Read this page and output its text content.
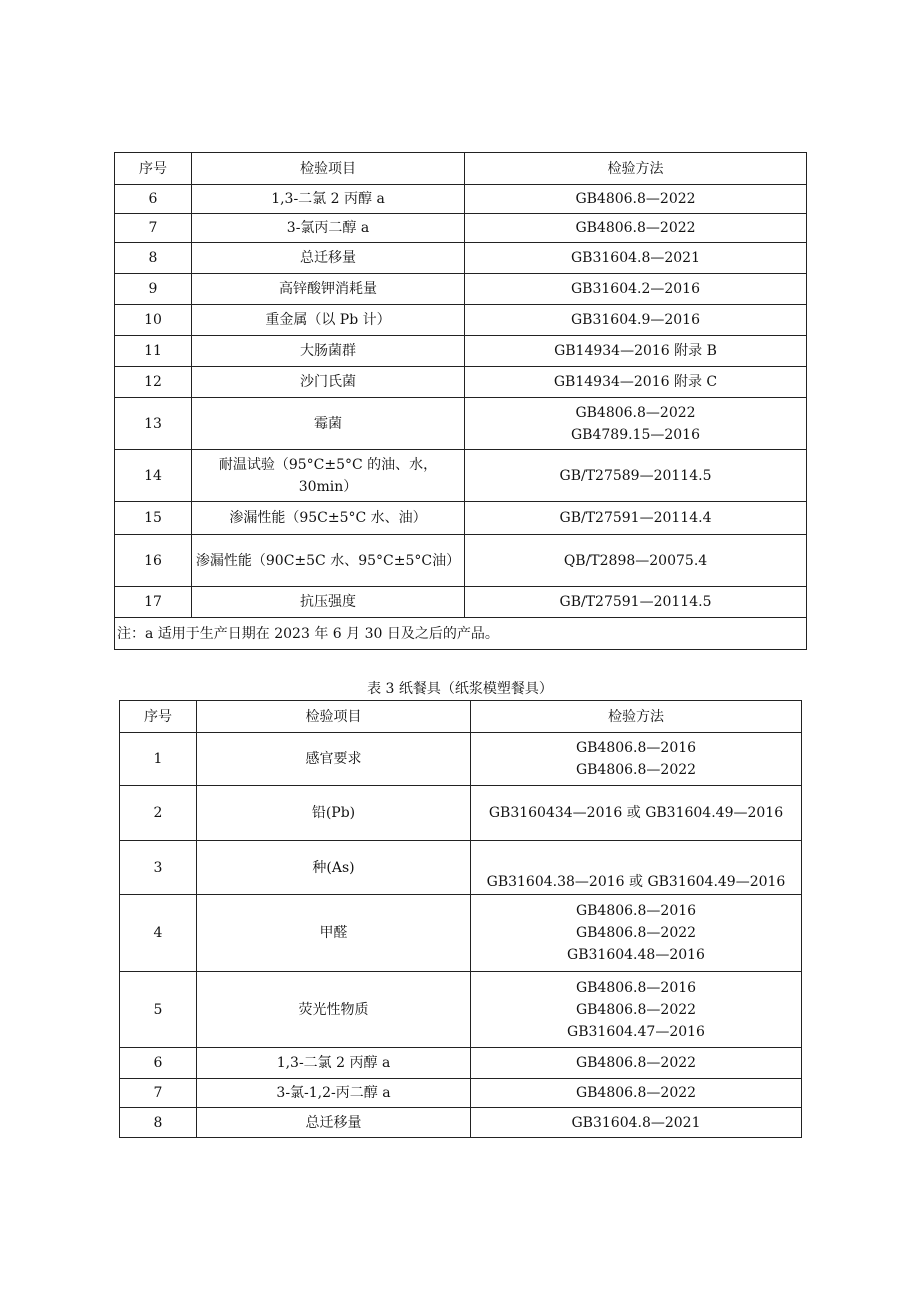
序号	检验项目	检验方法
6	1,3-二氯 2 丙醇 a	GB4806.8—2022
7	3-氯丙二醇 a	GB4806.8—2022
8	总迁移量	GB31604.8—2021
9	高锌酸钾消耗量	GB31604.2—2016
10	重金属（以 Pb 计）	GB31604.9—2016
11	大肠菌群	GB14934—2016 附录 B
12	沙门氏菌	GB14934—2016 附录 C
13	霉菌	GB4806.8—2022
GB4789.15—2016

14	耐温试验（95°C±5°C 的油、水，
30min）	GB/T27589—20114.5
15	渗漏性能（95C±5°C 水、油）	GB/T27591—20114.4
16	渗漏性能（90C±5C 水、95°C±5°C油）	QB/T2898—20075.4
17	抗压强度	GB/T27591—20114.5
注：a 适用于生产日期在 2023 年 6 月 30 日及之后的产品。		
表 3 纸餐具（纸浆模塑餐具）
序号	检验项目	检验方法
1	感官要求	GB4806.8—2016
GB4806.8—2022

2	铅(Pb)	GB3160434—2016 或 GB31604.49—2016
3	种(As)	GB31604.38—2016 或 GB31604.49—2016
4	甲醛	GB4806.8—2016
GB4806.8—2022
GB31604.48—2016

5	荧光性物质	GB4806.8—2016
GB4806.8—2022
GB31604.47—2016

6	1,3-二氯 2 丙醇 a	GB4806.8—2022
7	3-氯-1,2-丙二醇 a	GB4806.8—2022
8	总迁移量	GB31604.8—2021
